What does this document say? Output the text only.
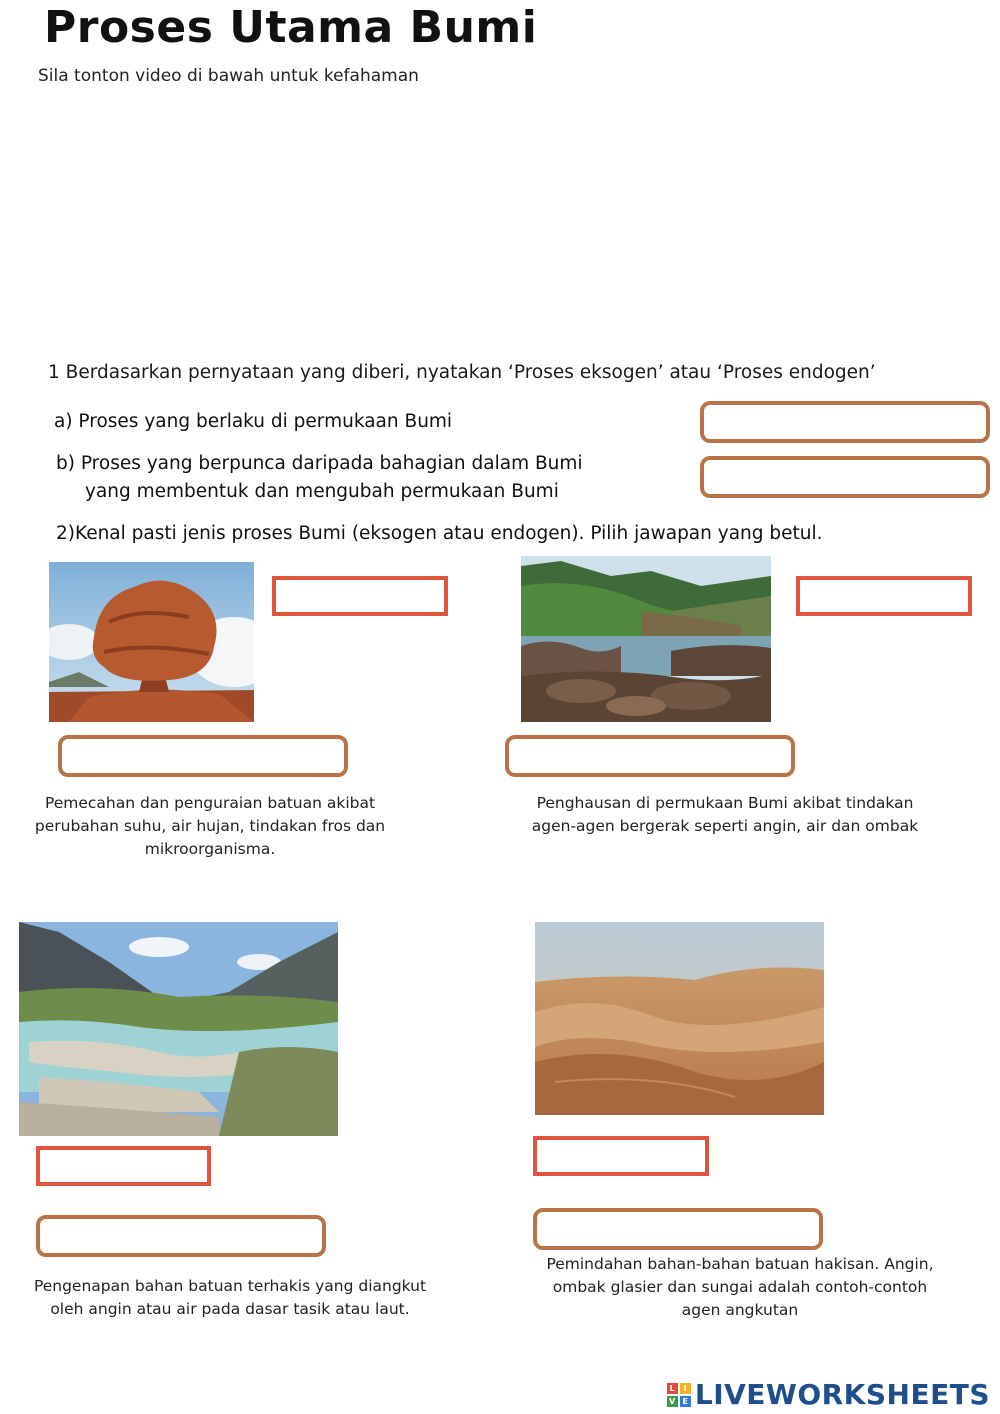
Proses Utama Bumi
Sila tonton video di bawah untuk kefahaman
1 Berdasarkan pernyataan yang diberi, nyatakan ‘Proses eksogen’ atau ‘Proses endogen’
a) Proses yang berlaku di permukaan Bumi
b) Proses yang berpunca daripada bahagian dalam Bumi
yang membentuk dan mengubah permukaan Bumi
2)Kenal pasti jenis proses Bumi (eksogen atau endogen). Pilih jawapan yang betul.
Pemecahan dan penguraian batuan akibat
perubahan suhu, air hujan, tindakan fros dan
mikroorganisma.
Penghausan di permukaan Bumi akibat tindakan
agen-agen bergerak seperti angin, air dan ombak
Pengenapan bahan batuan terhakis yang diangkut
oleh angin atau air pada dasar tasik atau laut.
Pemindahan bahan-bahan batuan hakisan. Angin,
ombak glasier dan sungai adalah contoh-contoh
agen angkutan
L	I
V E LIVEWORKSHEETS
